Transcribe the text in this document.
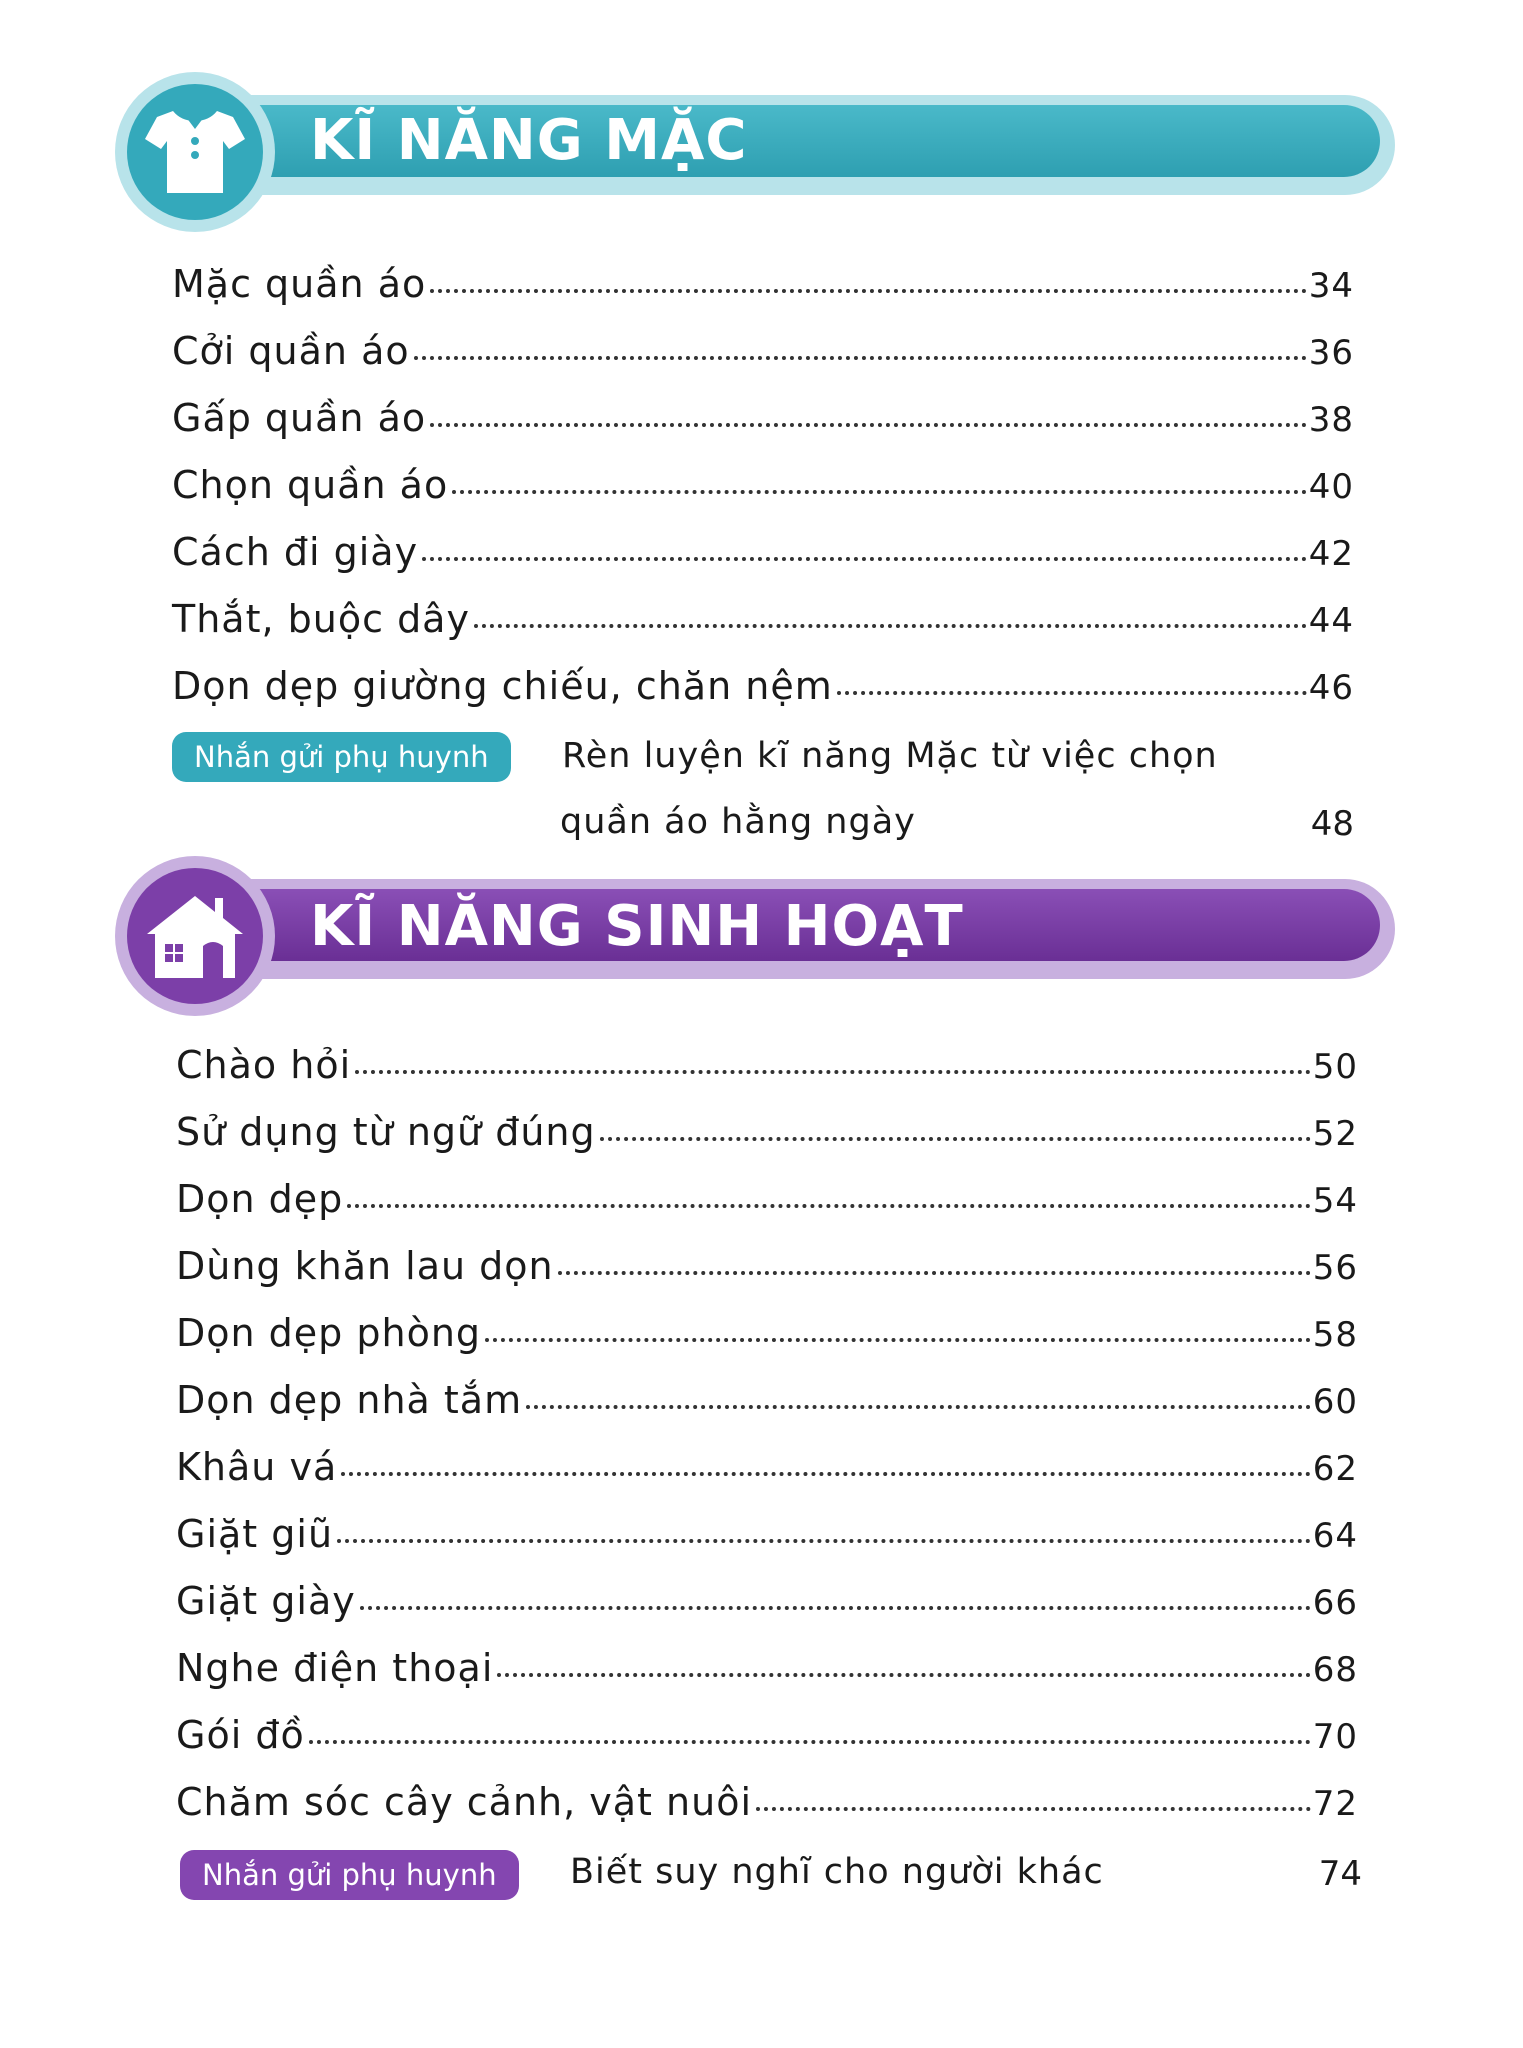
KĨ NĂNG MẶC
Mặc quần áo	34
Cởi quần áo	36
Gấp quần áo	38
Chọn quần áo	40
Cách đi giày	42
Thắt, buộc dây	44
Dọn dẹp giường chiếu, chăn nệm	46
Nhắn gửi phụ huynh	Rèn luyện kĩ năng Mặc từ việc chọn
quần áo hằng ngày	48
KĨ NĂNG SINH HOẠT
Chào hỏi	50
Sử dụng từ ngữ đúng	52
Dọn dẹp	54
Dùng khăn lau dọn	56
Dọn dẹp phòng	58
Dọn dẹp nhà tắm	60
Khâu vá	62
Giặt giũ	64
Giặt giày	66
Nghe điện thoại	68
Gói đồ	70
Chăm sóc cây cảnh, vật nuôi	72
Nhắn gửi phụ huynh	Biết suy nghĩ cho người khác	74
